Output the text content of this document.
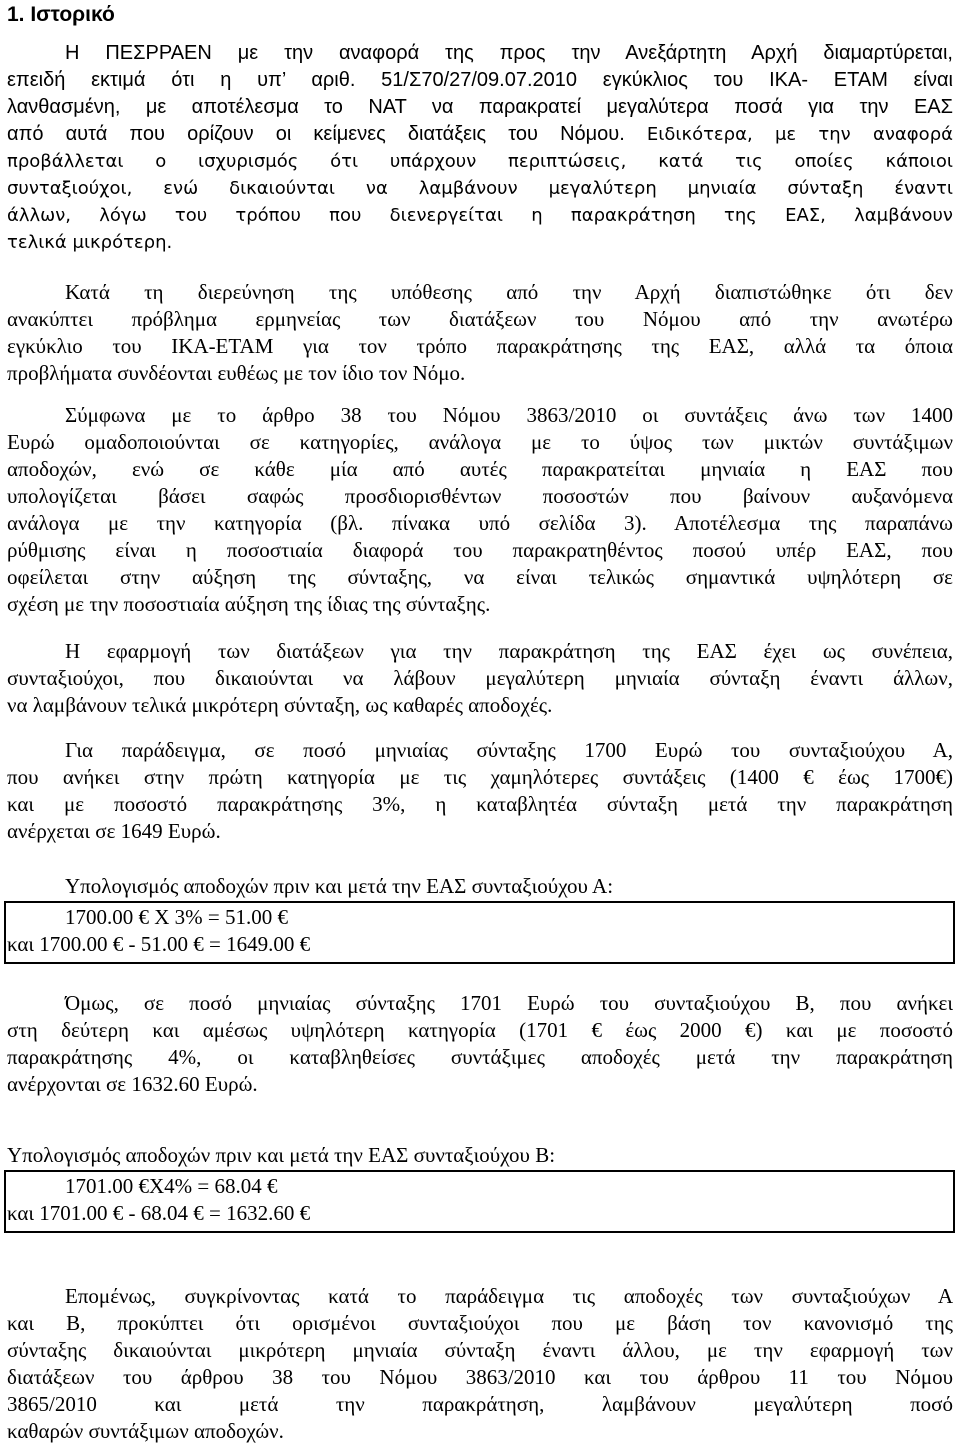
1. Ιστορικό
Η ΠΕΣΡΡΑΕΝ με την αναφορά της προς την Ανεξάρτητη Αρχή διαμαρτύρεται,
επειδή εκτιμά ότι η υπ’ αριθ. 51/Σ70/27/09.07.2010 εγκύκλιος του ΙΚΑ- ΕΤΑΜ είναι
λανθασμένη, με αποτέλεσμα το ΝΑΤ να παρακρατεί μεγαλύτερα ποσά για την ΕΑΣ
από αυτά που ορίζουν οι κείμενες διατάξεις του Νόμου. Ειδικότερα, με την αναφορά
προβάλλεται ο ισχυρισμός ότι υπάρχουν περιπτώσεις, κατά τις οποίες κάποιοι
συνταξιούχοι, ενώ δικαιούνται να λαμβάνουν μεγαλύτερη μηνιαία σύνταξη έναντι
άλλων, λόγω του τρόπου που διενεργείται η παρακράτηση της ΕΑΣ, λαμβάνουν
τελικά μικρότερη.
Κατά τη διερεύνηση της υπόθεσης από την Αρχή διαπιστώθηκε ότι δεν
ανακύπτει πρόβλημα ερμηνείας των διατάξεων του Νόμου από την ανωτέρω
εγκύκλιο του ΙΚΑ-ΕΤΑΜ για τον τρόπο παρακράτησης της ΕΑΣ, αλλά τα όποια
προβλήματα συνδέονται ευθέως με τον ίδιο τον Νόμο.
Σύμφωνα με το άρθρο 38 του Νόμου 3863/2010 οι συντάξεις άνω των 1400
Ευρώ ομαδοποιούνται σε κατηγορίες, ανάλογα με το ύψος των μικτών συντάξιμων
αποδοχών, ενώ σε κάθε μία από αυτές παρακρατείται μηνιαία η ΕΑΣ που
υπολογίζεται βάσει σαφώς προσδιορισθέντων ποσοστών που βαίνουν αυξανόμενα
ανάλογα με την κατηγορία (βλ. πίνακα υπό σελίδα 3). Αποτέλεσμα της παραπάνω
ρύθμισης είναι η ποσοστιαία διαφορά του παρακρατηθέντος ποσού υπέρ ΕΑΣ, που
οφείλεται στην αύξηση της σύνταξης, να είναι τελικώς σημαντικά υψηλότερη σε
σχέση με την ποσοστιαία αύξηση της ίδιας της σύνταξης.
Η εφαρμογή των διατάξεων για την παρακράτηση της ΕΑΣ έχει ως συνέπεια,
συνταξιούχοι, που δικαιούνται να λάβουν μεγαλύτερη μηνιαία σύνταξη έναντι άλλων,
να λαμβάνουν τελικά μικρότερη σύνταξη, ως καθαρές αποδοχές.
Για παράδειγμα, σε ποσό μηνιαίας σύνταξης 1700 Ευρώ του συνταξιούχου Α,
που ανήκει στην πρώτη κατηγορία με τις χαμηλότερες συντάξεις (1400 € έως 1700€)
και με ποσοστό παρακράτησης 3%, η καταβλητέα σύνταξη μετά την παρακράτηση
ανέρχεται σε 1649 Ευρώ.
Υπολογισμός αποδοχών πριν και μετά την ΕΑΣ συνταξιούχου Α:
1700.00 € Χ 3% = 51.00 €
και 1700.00 € - 51.00 € = 1649.00 €
Όμως, σε ποσό μηνιαίας σύνταξης 1701 Ευρώ του συνταξιούχου Β, που ανήκει
στη δεύτερη και αμέσως υψηλότερη κατηγορία (1701 € έως 2000 €) και με ποσοστό
παρακράτησης 4%, οι καταβληθείσες συντάξιμες αποδοχές μετά την παρακράτηση
ανέρχονται σε 1632.60 Ευρώ.
Υπολογισμός αποδοχών πριν και μετά την ΕΑΣ συνταξιούχου Β:
1701.00 €Χ4% = 68.04 €
και 1701.00 € - 68.04 € = 1632.60 €
Επομένως, συγκρίνοντας κατά το παράδειγμα τις αποδοχές των συνταξιούχων Α
και Β, προκύπτει ότι ορισμένοι συνταξιούχοι που με βάση τον κανονισμό της
σύνταξης δικαιούνται μικρότερη μηνιαία σύνταξη έναντι άλλου, με την εφαρμογή των
διατάξεων του άρθρου 38 του Νόμου 3863/2010 και του άρθρου 11 του Νόμου
3865/2010 και μετά την παρακράτηση, λαμβάνουν μεγαλύτερη ποσό
καθαρών συντάξιμων αποδοχών.
